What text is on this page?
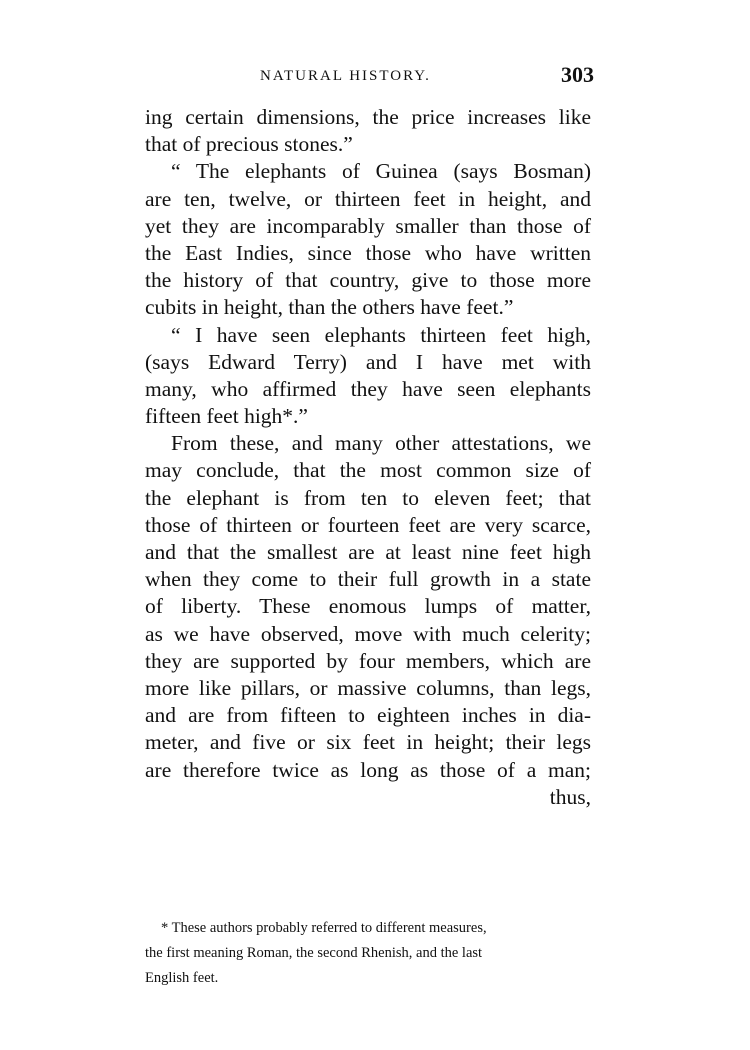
NATURAL HISTORY.	303
ing certain dimensions, the price increases like
that of precious stones.”
“ The elephants of Guinea (says Bosman)
are ten, twelve, or thirteen feet in height, and
yet they are incomparably smaller than those of
the East Indies, since those who have written
the history of that country, give to those more
cubits in height, than the others have feet.”
“ I have seen elephants thirteen feet high,
(says Edward Terry) and I have met with
many, who affirmed they have seen elephants
fifteen feet high*.”
From these, and many other attestations, we
may conclude, that the most common size of
the elephant is from ten to eleven feet; that
those of thirteen or fourteen feet are very scarce,
and that the smallest are at least nine feet high
when they come to their full growth in a state
of liberty. These enomous lumps of matter,
as we have observed, move with much celerity;
they are supported by four members, which are
more like pillars, or massive columns, than legs,
and are from fifteen to eighteen inches in dia-
meter, and five or six feet in height; their legs
are therefore twice as long as those of a man;
thus,
* These authors probably referred to different measures,
the first meaning Roman, the second Rhenish, and the last
English feet.
